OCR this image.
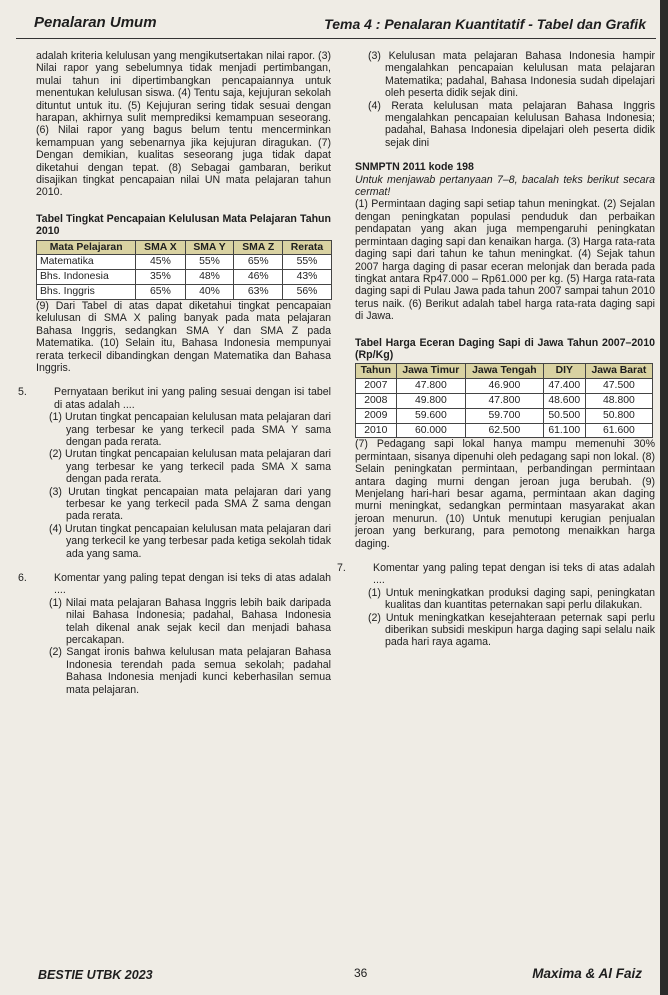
Penalaran Umum	Tema 4 : Penalaran Kuantitatif - Tabel dan Grafik

adalah kriteria kelulusan yang mengikutsertakan nilai rapor. (3) Nilai rapor yang sebelumnya tidak menjadi pertimbangan, mulai tahun ini dipertimbangkan pencapaiannya untuk menentukan kelulusan siswa. (4) Tentu saja, kejujuran sekolah dituntut untuk itu. (5) Kejujuran sering tidak sesuai dengan harapan, akhirnya sulit memprediksi kemampuan seseorang. (6) Nilai rapor yang bagus belum tentu mencerminkan kemampuan yang sebenarnya jika kejujuran diragukan. (7) Dengan demikian, kualitas seseorang juga tidak dapat diketahui dengan tepat. (8) Sebagai gambaran, berikut disajikan tingkat pencapaian nilai UN mata pelajaran tahun 2010.

Tabel Tingkat Pencapaian Kelulusan Mata Pelajaran Tahun 2010
Mata Pelajaran	SMA X	SMA Y	SMA Z	Rerata
Matematika	45%	55%	65%	55%
Bhs. Indonesia	35%	48%	46%	43%
Bhs. Inggris	65%	40%	63%	56%

(9) Dari Tabel di atas dapat diketahui tingkat pencapaian kelulusan di SMA X paling banyak pada mata pelajaran Bahasa Inggris, sedangkan SMA Y dan SMA Z pada Matematika. (10) Selain itu, Bahasa Indonesia mempunyai rerata terkecil dibandingkan dengan Matematika dan Bahasa Inggris.

5.	Pernyataan berikut ini yang paling sesuai dengan isi tabel di atas adalah ....

(1) Urutan tingkat pencapaian kelulusan mata pelajaran dari yang terbesar ke yang terkecil pada SMA Y sama dengan pada rerata.

(2) Urutan tingkat pencapaian kelulusan mata pelajaran dari yang terbesar ke yang terkecil pada SMA X sama dengan pada rerata.

(3) Urutan tingkat pencapaian mata pelajaran dari yang terbesar ke yang terkecil pada SMA Z sama dengan pada rerata.

(4) Urutan tingkat pencapaian kelulusan mata pelajaran dari yang terkecil ke yang terbesar pada ketiga sekolah tidak ada yang sama.

6.	Komentar yang paling tepat dengan isi teks di atas adalah ....

(1) Nilai mata pelajaran Bahasa Inggris lebih baik daripada nilai Bahasa Indonesia; padahal, Bahasa Indonesia telah dikenal anak sejak kecil dan menjadi bahasa percakapan.

(2) Sangat ironis bahwa kelulusan mata pelajaran Bahasa Indonesia terendah pada semua sekolah; padahal Bahasa Indonesia menjadi kunci keberhasilan semua mata pelajaran.

(3) Kelulusan mata pelajaran Bahasa Indonesia hampir mengalahkan pencapaian kelulusan mata pelajaran Matematika; padahal, Bahasa Indonesia sudah dipelajari oleh peserta didik sejak dini.

(4) Rerata kelulusan mata pelajaran Bahasa Inggris mengalahkan pencapaian kelulusan Bahasa Indonesia; padahal, Bahasa Indonesia dipelajari oleh peserta didik sejak dini

SNMPTN 2011 kode 198
Untuk menjawab pertanyaan 7–8, bacalah teks berikut secara cermat!

(1) Permintaan daging sapi setiap tahun meningkat. (2) Sejalan dengan peningkatan populasi penduduk dan perbaikan pendapatan yang akan juga mempengaruhi peningkatan permintaan daging sapi dan kenaikan harga. (3) Harga rata-rata daging sapi dari tahun ke tahun meningkat. (4) Sejak tahun 2007 harga daging di pasar eceran melonjak dan berada pada tingkat antara Rp47.000 – Rp61.000 per kg. (5) Harga rata-rata daging sapi di Pulau Jawa pada tahun 2007 sampai tahun 2010 terus naik. (6) Berikut adalah tabel harga rata-rata daging sapi di Jawa.

Tabel Harga Eceran Daging Sapi di Jawa Tahun 2007–2010 (Rp/Kg)
Tahun	Jawa Timur	Jawa Tengah	DIY	Jawa Barat
2007	47.800	46.900	47.400	47.500
2008	49.800	47.800	48.600	48.800
2009	59.600	59.700	50.500	50.800
2010	60.000	62.500	61.100	61.600

(7) Pedagang sapi lokal hanya mampu memenuhi 30% permintaan, sisanya dipenuhi oleh pedagang sapi non lokal. (8) Selain peningkatan permintaan, perbandingan permintaan antara daging murni dengan jeroan juga berubah. (9) Menjelang hari-hari besar agama, permintaan akan daging murni meningkat, sedangkan permintaan masyarakat akan jeroan menurun. (10) Untuk menutupi kerugian penjualan jeroan yang berkurang, para pemotong menaikkan harga daging.

7.	Komentar yang paling tepat dengan isi teks di atas adalah ....

(1) Untuk meningkatkan produksi daging sapi, peningkatan kualitas dan kuantitas peternakan sapi perlu dilakukan.

(2) Untuk meningkatkan kesejahteraan peternak sapi perlu diberikan subsidi meskipun harga daging sapi selalu naik pada hari raya agama.

BESTIE UTBK 2023	36	Maxima & Al Faiz
